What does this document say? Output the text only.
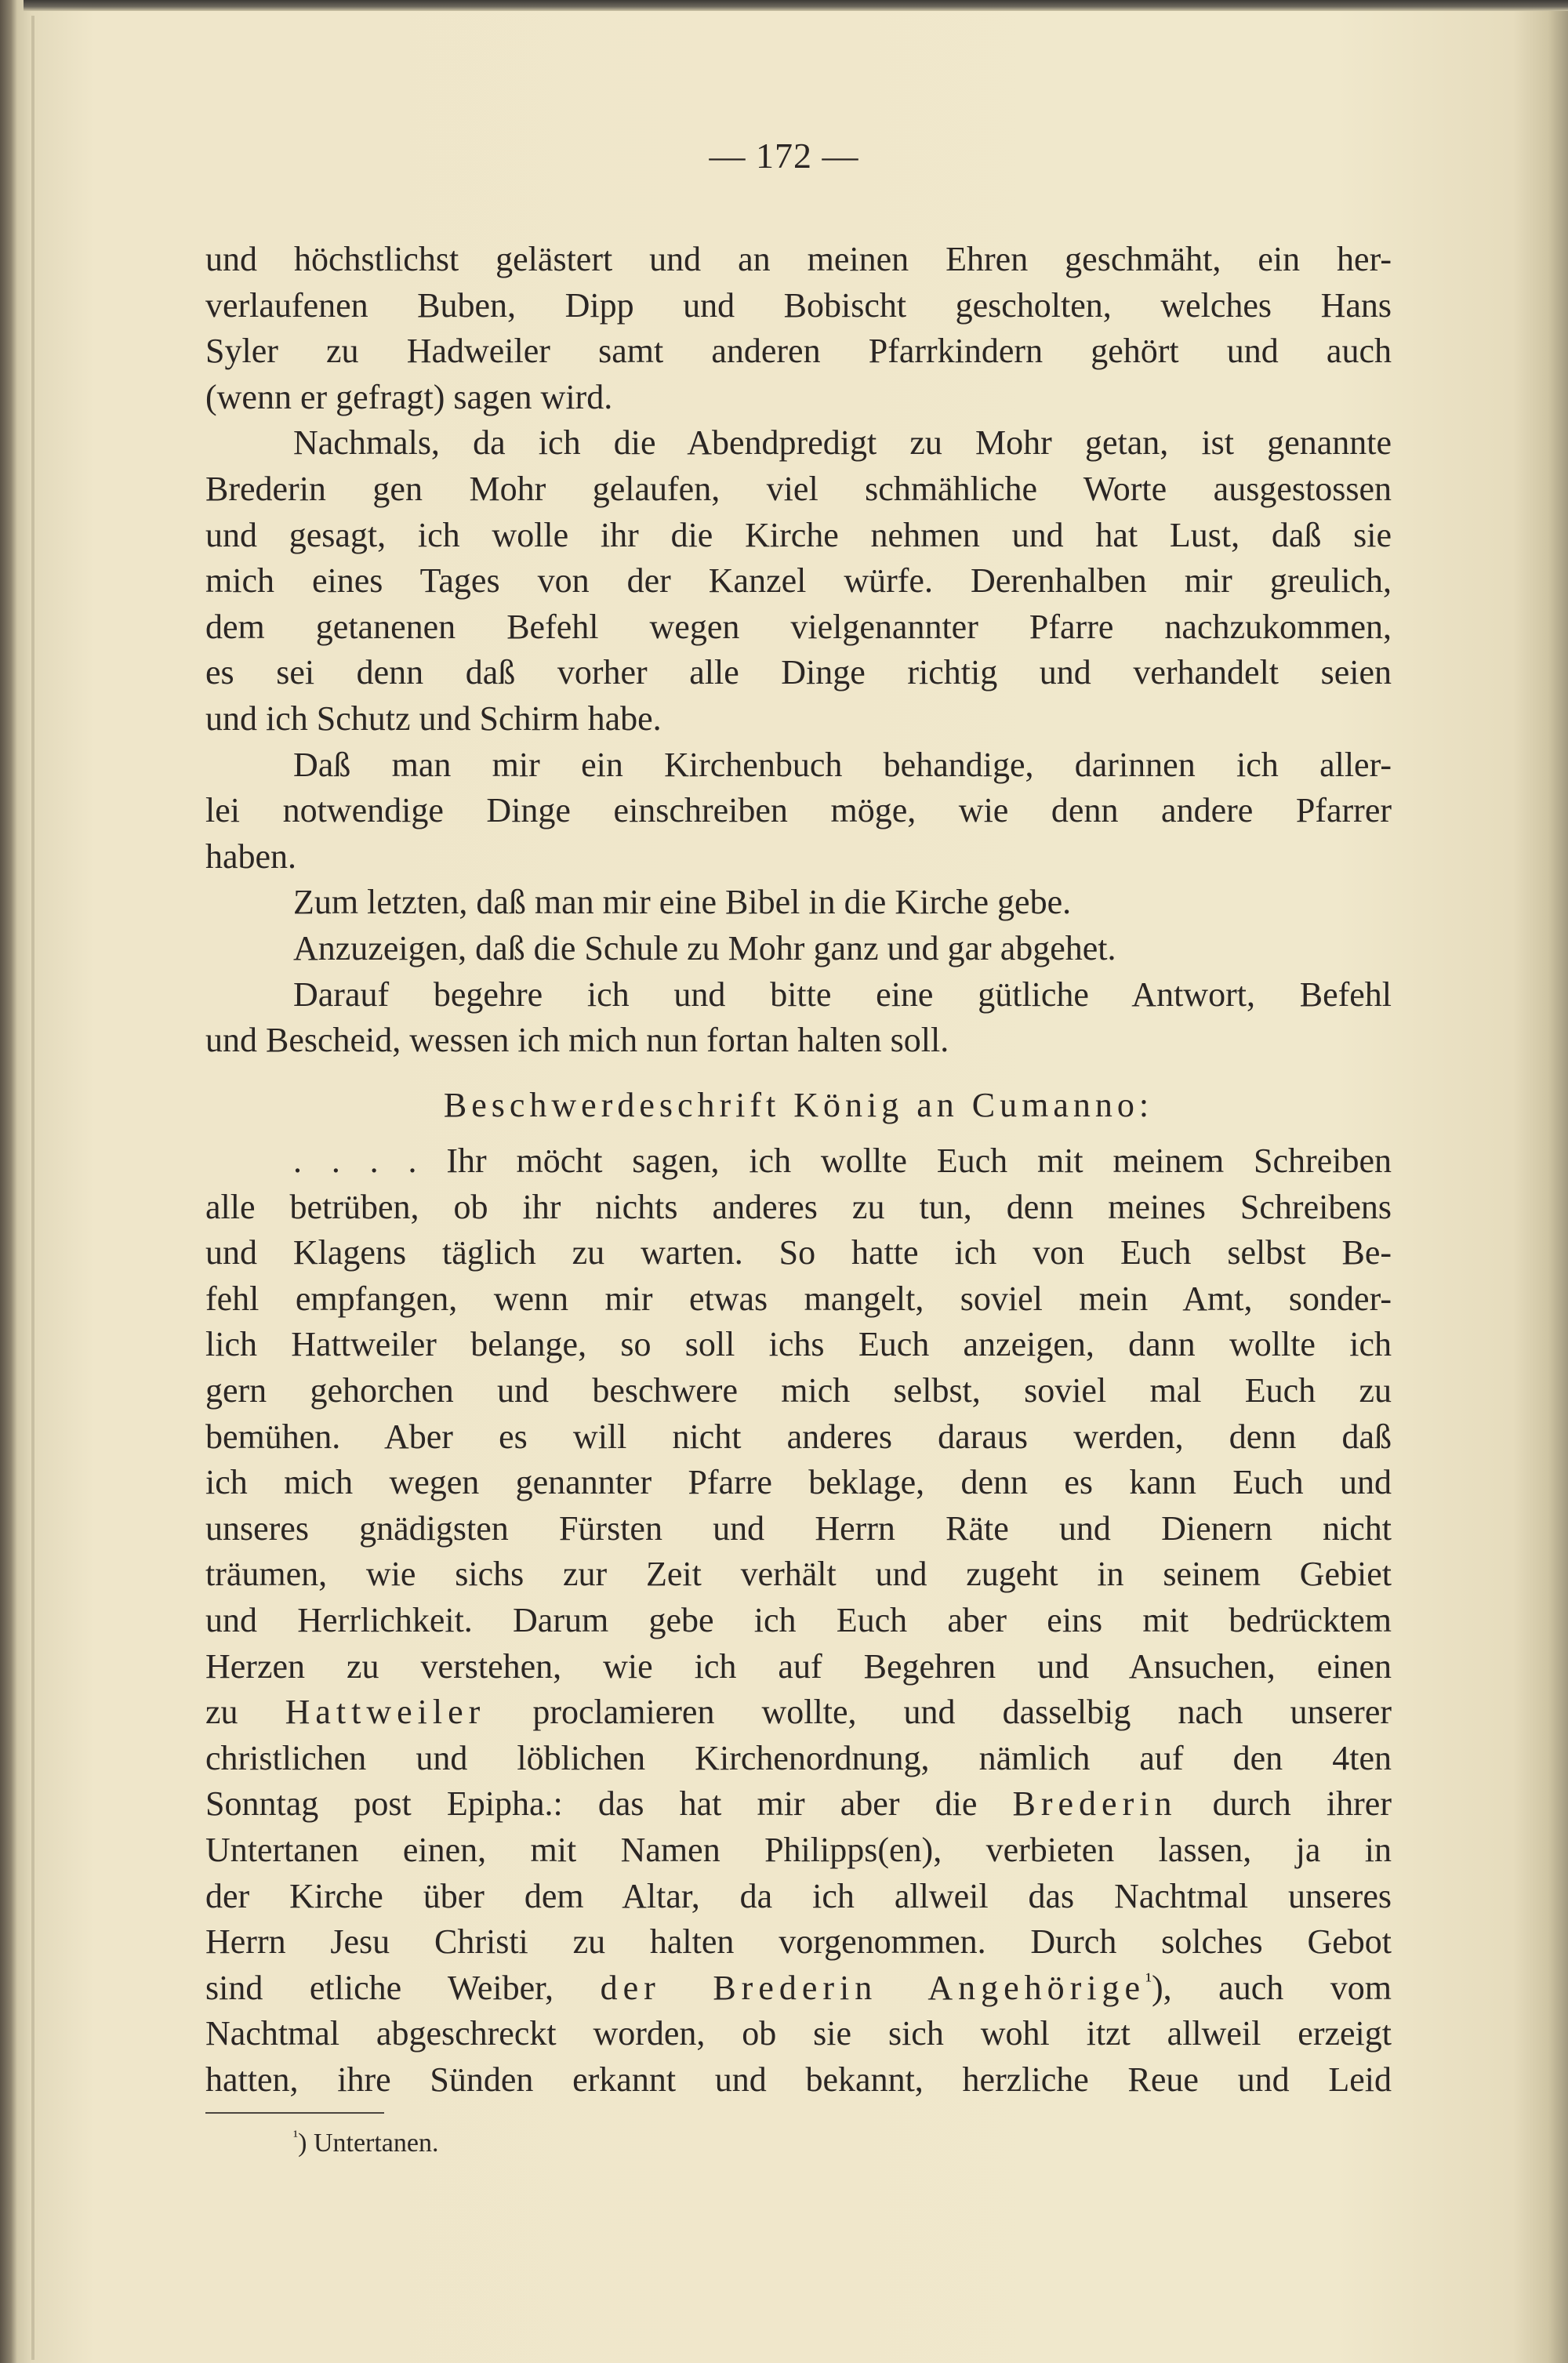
— 172 —
und höchstlichst gelästert und an meinen Ehren geschmäht, ein her-
verlaufenen Buben, Dipp und Bobischt gescholten, welches Hans
Syler zu Hadweiler samt anderen Pfarrkindern gehört und auch
(wenn er gefragt) sagen wird.
Nachmals, da ich die Abendpredigt zu Mohr getan, ist genannte
Brederin gen Mohr gelaufen, viel schmähliche Worte ausgestossen
und gesagt, ich wolle ihr die Kirche nehmen und hat Lust, daß sie
mich eines Tages von der Kanzel würfe. Derenhalben mir greulich,
dem getanenen Befehl wegen vielgenannter Pfarre nachzukommen,
es sei denn daß vorher alle Dinge richtig und verhandelt seien
und ich Schutz und Schirm habe.
Daß man mir ein Kirchenbuch behandige, darinnen ich aller-
lei notwendige Dinge einschreiben möge, wie denn andere Pfarrer
haben.
Zum letzten, daß man mir eine Bibel in die Kirche gebe.
Anzuzeigen, daß die Schule zu Mohr ganz und gar abgehet.
Darauf begehre ich und bitte eine gütliche Antwort, Befehl
und Bescheid, wessen ich mich nun fortan halten soll.
. . . . Ihr möcht sagen, ich wollte Euch mit meinem Schreiben
alle betrüben, ob ihr nichts anderes zu tun, denn meines Schreibens
und Klagens täglich zu warten. So hatte ich von Euch selbst Be-
fehl empfangen, wenn mir etwas mangelt, soviel mein Amt, sonder-
lich Hattweiler belange, so soll ichs Euch anzeigen, dann wollte ich
gern gehorchen und beschwere mich selbst, soviel mal Euch zu
bemühen. Aber es will nicht anderes daraus werden, denn daß
ich mich wegen genannter Pfarre beklage, denn es kann Euch und
unseres gnädigsten Fürsten und Herrn Räte und Dienern nicht
träumen, wie sichs zur Zeit verhält und zugeht in seinem Gebiet
und Herrlichkeit. Darum gebe ich Euch aber eins mit bedrücktem
Herzen zu verstehen, wie ich auf Begehren und Ansuchen, einen
zu Hattweiler proclamieren wollte, und dasselbig nach unserer
christlichen und löblichen Kirchenordnung, nämlich auf den 4ten
Sonntag post Epipha.: das hat mir aber die Brederin durch ihrer
Untertanen einen, mit Namen Philipps(en), verbieten lassen, ja in
der Kirche über dem Altar, da ich allweil das Nachtmal unseres
Herrn Jesu Christi zu halten vorgenommen. Durch solches Gebot
sind etliche Weiber, der Brederin Angehörige$^{^1}$), auch vom
Nachtmal abgeschreckt worden, ob sie sich wohl itzt allweil erzeigt
hatten, ihre Sünden erkannt und bekannt, herzliche Reue und Leid
Beschwerdeschrift König an Cumanno:
$^{^1}$) Untertanen.
